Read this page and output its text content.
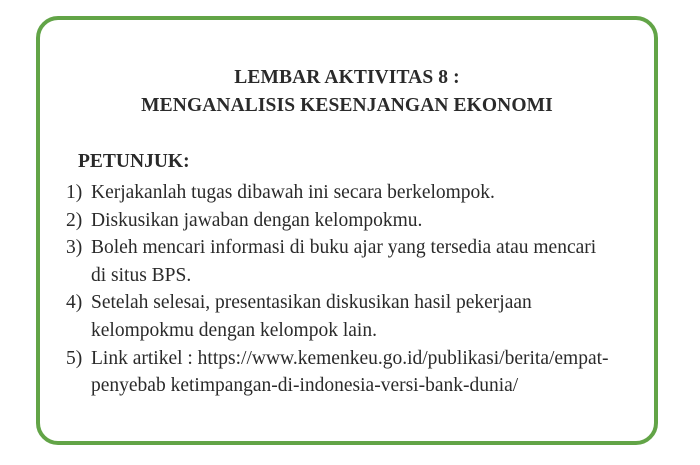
LEMBAR AKTIVITAS 8 :
MENGANALISIS KESENJANGAN EKONOMI
PETUNJUK:
1) Kerjakanlah tugas dibawah ini secara berkelompok.
2) Diskusikan jawaban dengan kelompokmu.
3) Boleh mencari informasi di buku ajar yang tersedia atau mencari
di situs BPS.
4) Setelah selesai, presentasikan diskusikan hasil pekerjaan
kelompokmu dengan kelompok lain.
5) Link artikel : https://www.kemenkeu.go.id/publikasi/berita/empat-
penyebab ketimpangan-di-indonesia-versi-bank-dunia/
